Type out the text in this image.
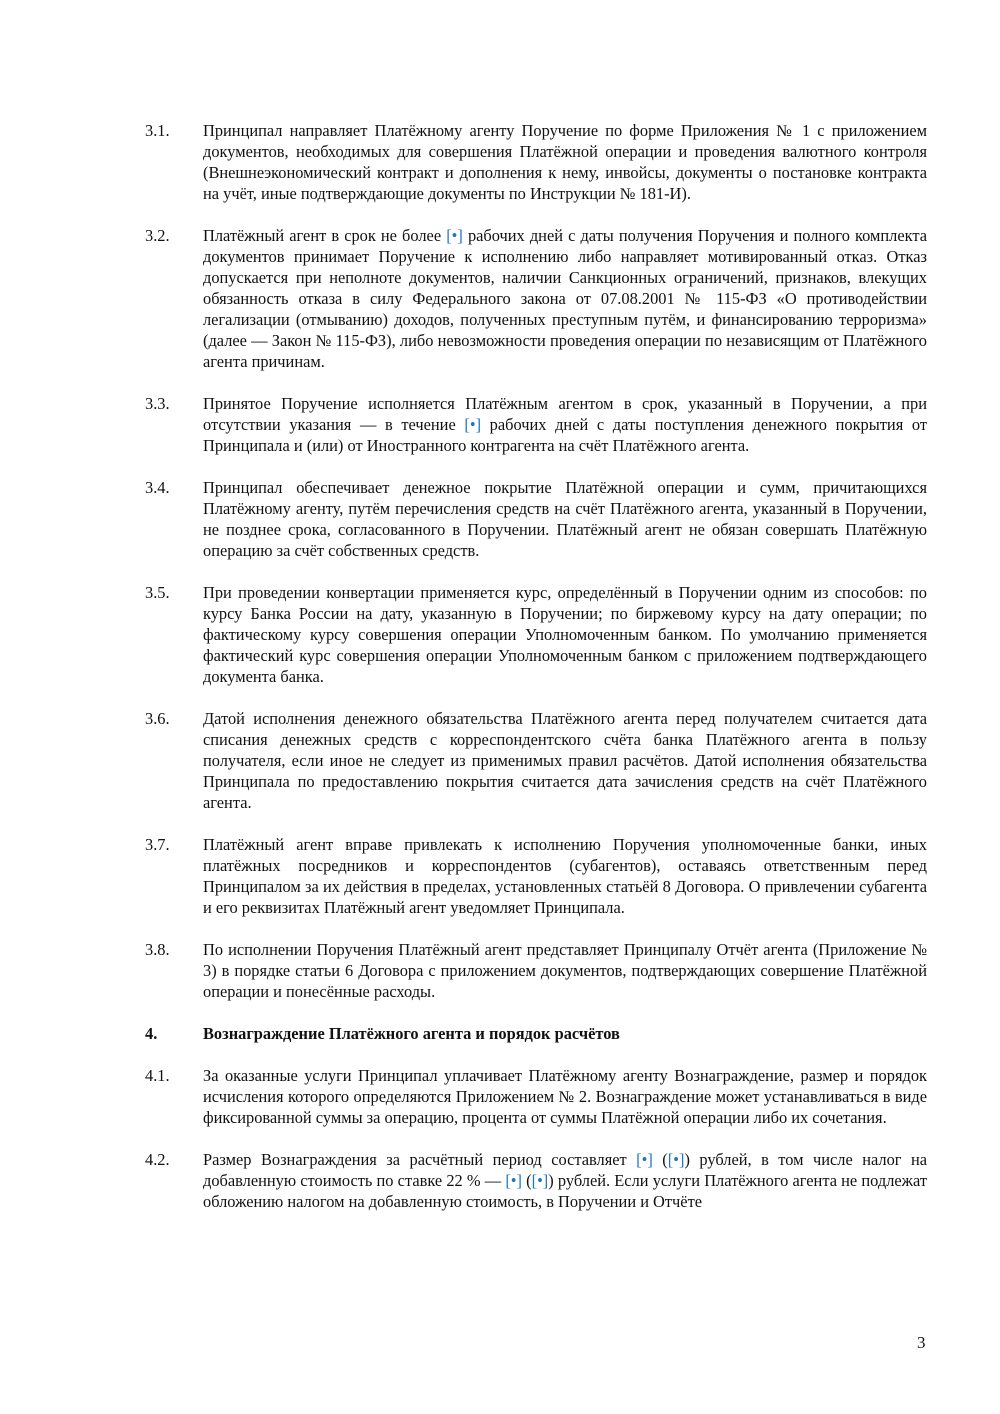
3.1.	Принципал направляет Платёжному агенту Поручение по форме Приложения № 1 с приложением документов, необходимых для совершения Платёжной операции и проведения валютного контроля (Внешнеэкономический контракт и дополнения к нему, инвойсы, документы о постановке контракта на учёт, иные подтверждающие документы по Инструкции № 181-И).
3.2.	Платёжный агент в срок не более [•] рабочих дней с даты получения Поручения и полного комплекта документов принимает Поручение к исполнению либо направляет мотивированный отказ. Отказ допускается при неполноте документов, наличии Санкционных ограничений, признаков, влекущих обязанность отказа в силу Федерального закона от 07.08.2001 № 115-ФЗ «О противодействии легализации (отмыванию) доходов, полученных преступным путём, и финансированию терроризма» (далее — Закон № 115-ФЗ), либо невозможности проведения операции по независящим от Платёжного агента причинам.
3.3.	Принятое Поручение исполняется Платёжным агентом в срок, указанный в Поручении, а при отсутствии указания — в течение [•] рабочих дней с даты поступления денежного покрытия от Принципала и (или) от Иностранного контрагента на счёт Платёжного агента.
3.4.	Принципал обеспечивает денежное покрытие Платёжной операции и сумм, причитающихся Платёжному агенту, путём перечисления средств на счёт Платёжного агента, указанный в Поручении, не позднее срока, согласованного в Поручении. Платёжный агент не обязан совершать Платёжную операцию за счёт собственных средств.
3.5.	При проведении конвертации применяется курс, определённый в Поручении одним из способов: по курсу Банка России на дату, указанную в Поручении; по биржевому курсу на дату операции; по фактическому курсу совершения операции Уполномоченным банком. По умолчанию применяется фактический курс совершения операции Уполномоченным банком с приложением подтверждающего документа банка.
3.6.	Датой исполнения денежного обязательства Платёжного агента перед получателем считается дата списания денежных средств с корреспондентского счёта банка Платёжного агента в пользу получателя, если иное не следует из применимых правил расчётов. Датой исполнения обязательства Принципала по предоставлению покрытия считается дата зачисления средств на счёт Платёжного агента.
3.7.	Платёжный агент вправе привлекать к исполнению Поручения уполномоченные банки, иных платёжных посредников и корреспондентов (субагентов), оставаясь ответственным перед Принципалом за их действия в пределах, установленных статьёй 8 Договора. О привлечении субагента и его реквизитах Платёжный агент уведомляет Принципала.
3.8.	По исполнении Поручения Платёжный агент представляет Принципалу Отчёт агента (Приложение № 3) в порядке статьи 6 Договора с приложением документов, подтверждающих совершение Платёжной операции и понесённые расходы.
4.	Вознаграждение Платёжного агента и порядок расчётов
4.1.	За оказанные услуги Принципал уплачивает Платёжному агенту Вознаграждение, размер и порядок исчисления которого определяются Приложением № 2. Вознаграждение может устанавливаться в виде фиксированной суммы за операцию, процента от суммы Платёжной операции либо их сочетания.
4.2.	Размер Вознаграждения за расчётный период составляет [•] ([•]) рублей, в том числе налог на добавленную стоимость по ставке 22 % — [•] ([•]) рублей. Если услуги Платёжного агента не подлежат обложению налогом на добавленную стоимость, в Поручении и Отчёте
3
